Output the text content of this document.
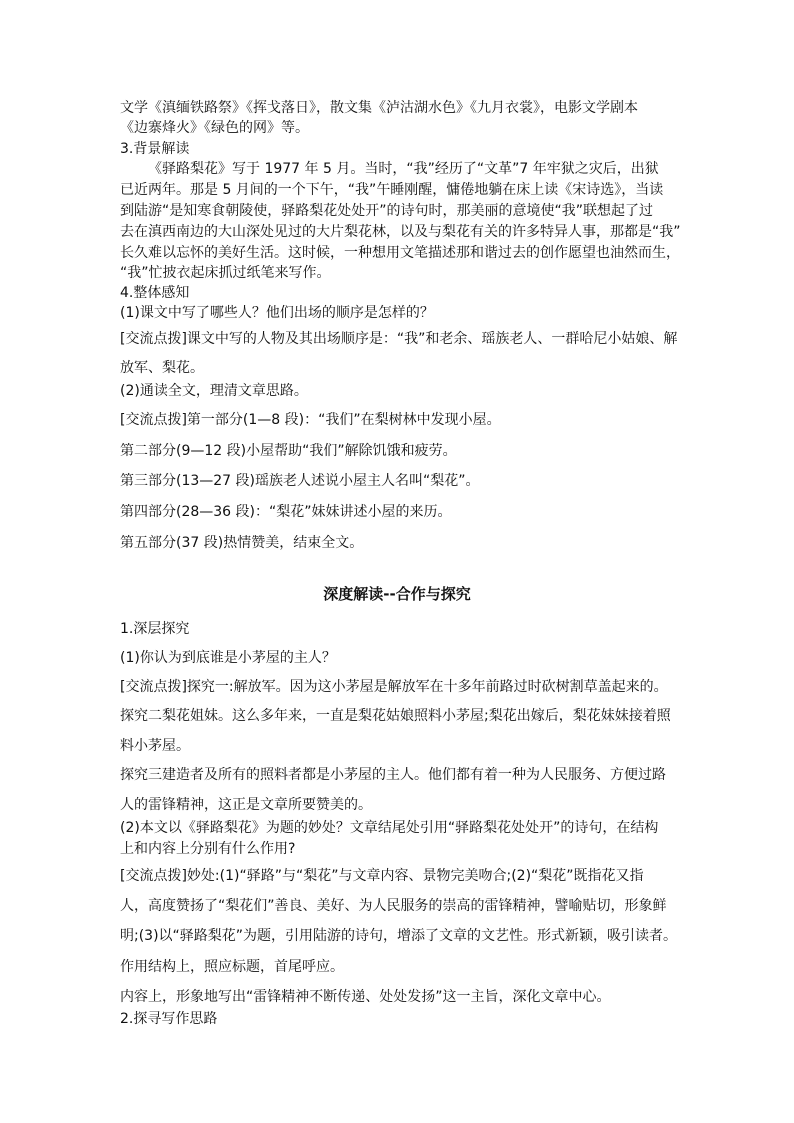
文学《滇缅铁路祭》《挥戈落日》，散文集《泸沽湖水色》《九月衣裳》，电影文学剧本
《边寨烽火》《绿色的网》等。
3.背景解读
《驿路梨花》写于 1977 年 5 月。当时，“我”经历了“文革”7 年牢狱之灾后，出狱
已近两年。那是 5 月间的一个下午，“我”午睡刚醒，慵倦地躺在床上读《宋诗选》，当读
到陆游“是知寒食朝陵使，驿路梨花处处开”的诗句时，那美丽的意境使“我”联想起了过
去在滇西南边的大山深处见过的大片梨花林，以及与梨花有关的许多特异人事，那都是“我”
长久难以忘怀的美好生活。这时候，一种想用文笔描述那和谐过去的创作愿望也油然而生，
“我”忙披衣起床抓过纸笔来写作。
4.整体感知
(1)课文中写了哪些人？他们出场的顺序是怎样的？
[交流点拨]课文中写的人物及其出场顺序是：“我”和老余、瑶族老人、一群哈尼小姑娘、解
放军、梨花。
(2)通读全文，理清文章思路。
[交流点拨]第一部分(1—8 段)：“我们”在梨树林中发现小屋。
第二部分(9—12 段)小屋帮助“我们”解除饥饿和疲劳。
第三部分(13—27 段)瑶族老人述说小屋主人名叫“梨花”。
第四部分(28—36 段)：“梨花”妹妹讲述小屋的来历。
第五部分(37 段)热情赞美，结束全文。
深度解读--合作与探究
1.深层探究
(1)你认为到底谁是小茅屋的主人？
[交流点拨]探究一:解放军。因为这小茅屋是解放军在十多年前路过时砍树割草盖起来的。
探究二梨花姐妹。这么多年来，一直是梨花姑娘照料小茅屋;梨花出嫁后，梨花妹妹接着照
料小茅屋。
探究三建造者及所有的照料者都是小茅屋的主人。他们都有着一种为人民服务、方便过路
人的雷锋精神，这正是文章所要赞美的。
(2)本文以《驿路梨花》为题的妙处？文章结尾处引用“驿路梨花处处开”的诗句，在结构
上和内容上分别有什么作用?
[交流点拨]妙处:(1)“驿路”与“梨花”与文章内容、景物完美吻合;(2)“梨花”既指花又指
人，高度赞扬了“梨花们”善良、美好、为人民服务的崇高的雷锋精神，譬喻贴切，形象鲜
明;(3)以“驿路梨花”为题，引用陆游的诗句，增添了文章的文艺性。形式新颖，吸引读者。
作用结构上，照应标题，首尾呼应。
内容上，形象地写出“雷锋精神不断传递、处处发扬”这一主旨，深化文章中心。
2.探寻写作思路
